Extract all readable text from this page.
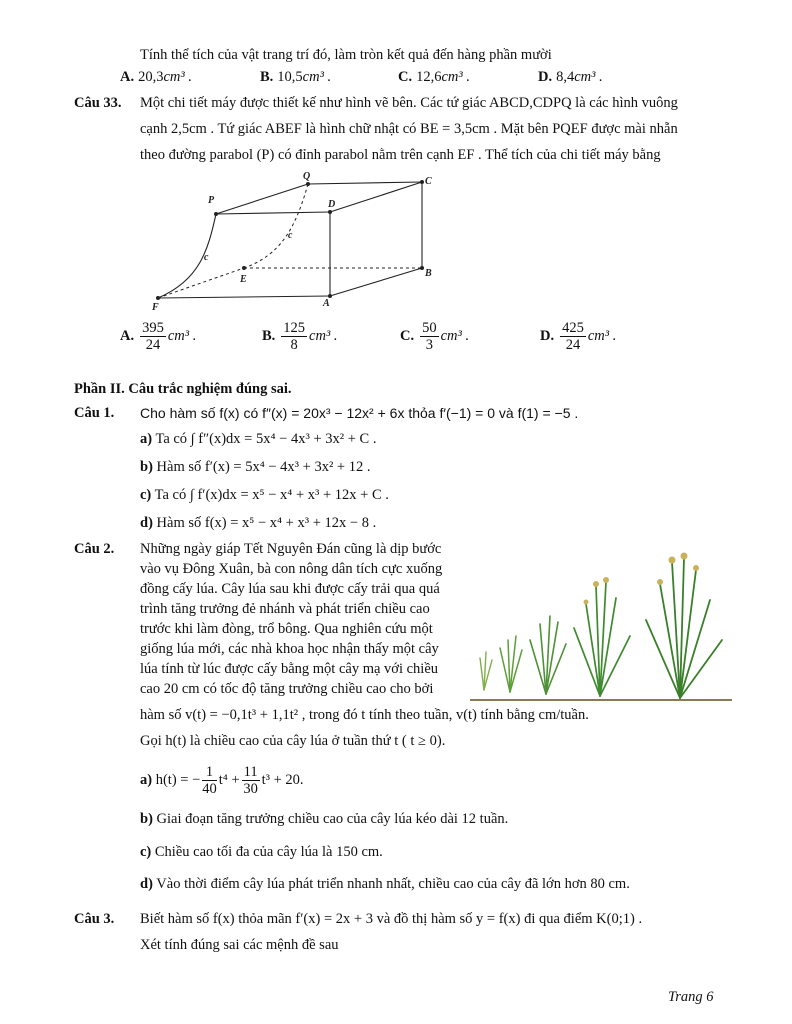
Tính thể tích của vật trang trí đó, làm tròn kết quả đến hàng phần mười
A. 20,3cm³ .	B. 10,5cm³ .	C. 12,6cm³ .	D. 8,4cm³ .
Câu 33. Một chi tiết máy được thiết kế như hình vẽ bên. Các tứ giác ABCD,CDPQ là các hình vuông
cạnh 2,5cm . Tứ giác ABEF là hình chữ nhật có BE = 3,5cm . Mặt bên PQEF được mài nhẵn
theo đường parabol (P) có đỉnh parabol nằm trên cạnh EF . Thể tích của chi tiết máy bằng
Q	C
P	D
c
c
E
B
F	A
A. $\frac{395}{24} cm^3$ .	B. $\frac{125}{8} cm^3$ .	C. $\frac{50}{3} cm^3$ .	D. $\frac{425}{24} cm^3$ .
Phần II. Câu trắc nghiệm đúng sai.
Câu 1. Cho hàm số f(x) có f″(x) = 20x³ − 12x² + 6x thỏa f′(−1) = 0 và f(1) = −5 .
a) Ta có ∫ f″(x)dx = 5x⁴ − 4x³ + 3x² + C .
b) Hàm số f′(x) = 5x⁴ − 4x³ + 3x² + 12 .
c) Ta có ∫ f′(x)dx = x⁵ − x⁴ + x³ + 12x + C .
d) Hàm số f(x) = x⁵ − x⁴ + x³ + 12x − 8 .
Câu 2. Những ngày giáp Tết Nguyên Đán cũng là dịp bước
vào vụ Đông Xuân, bà con nông dân tích cực xuống
đồng cấy lúa. Cây lúa sau khi được cấy trải qua quá
trình tăng trưởng đẻ nhánh và phát triển chiều cao
trước khi làm đòng, trổ bông. Qua nghiên cứu một
giống lúa mới, các nhà khoa học nhận thấy một cây
lúa tính từ lúc được cấy bằng một cây mạ với chiều
cao 20 cm có tốc độ tăng trưởng chiều cao cho bởi
hàm số v(t) = −0,1t³ + 1,1t² , trong đó t tính theo tuần, v(t) tính bằng cm/tuần.
Gọi h(t) là chiều cao của cây lúa ở tuần thứ t ( t ≥ 0).
a) h(t) = − $\frac{1}{40} t^4 + \frac{11}{30} t^3 + 20$.
b) Giai đoạn tăng trưởng chiều cao của cây lúa kéo dài 12 tuần.
c) Chiều cao tối đa của cây lúa là 150 cm.
d) Vào thời điểm cây lúa phát triển nhanh nhất, chiều cao của cây đã lớn hơn 80 cm.
Câu 3. Biết hàm số f(x) thỏa mãn f′(x) = 2x + 3 và đồ thị hàm số y = f(x) đi qua điểm K(0;1) .
Xét tính đúng sai các mệnh đề sau
Trang 6
